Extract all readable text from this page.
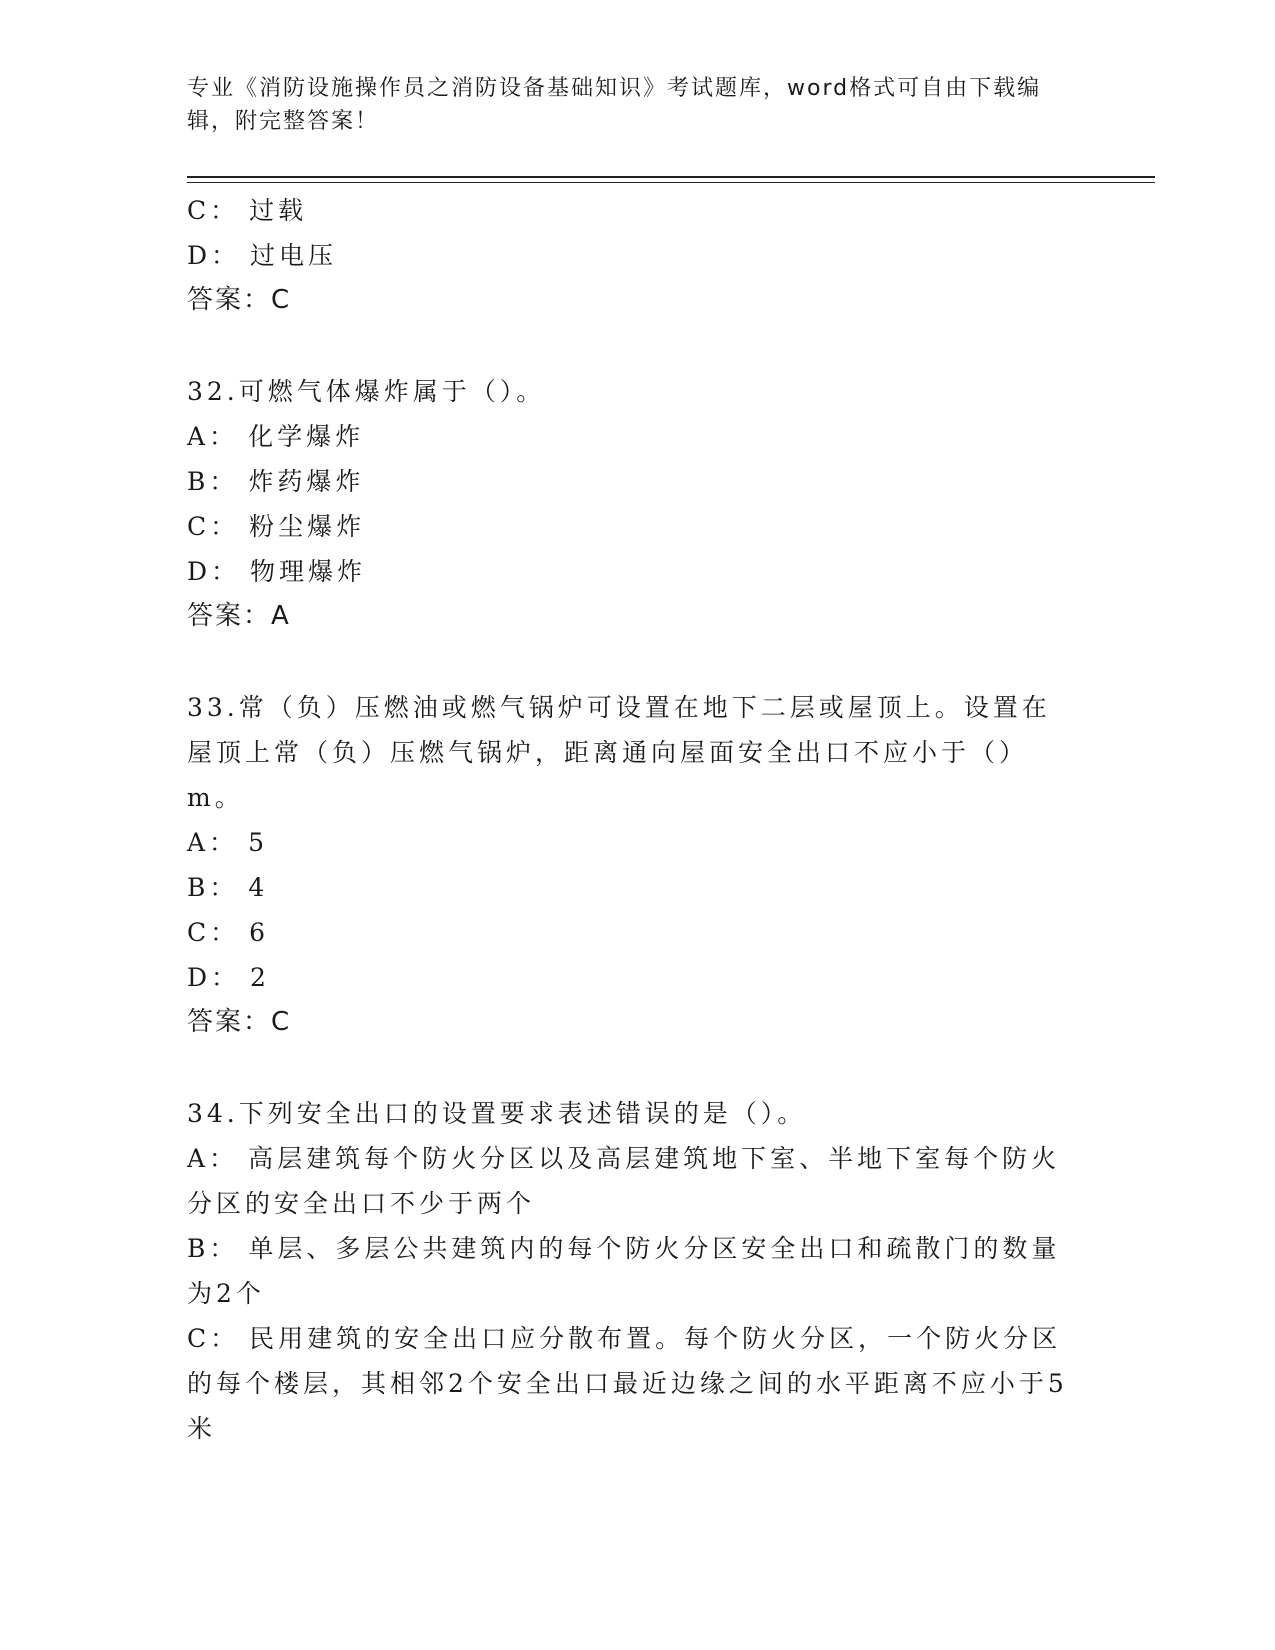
专业《消防设施操作员之消防设备基础知识》考试题库，word格式可自由下载编辑，附完整答案！
C： 过载
D： 过电压
答案：C
32.可燃气体爆炸属于（）。
A： 化学爆炸
B： 炸药爆炸
C： 粉尘爆炸
D： 物理爆炸
答案：A
33.常（负）压燃油或燃气锅炉可设置在地下二层或屋顶上。设置在屋顶上常（负）压燃气锅炉，距离通向屋面安全出口不应小于（）m。
A： 5
B： 4
C： 6
D： 2
答案：C
34.下列安全出口的设置要求表述错误的是（）。
A： 高层建筑每个防火分区以及高层建筑地下室、半地下室每个防火分区的安全出口不少于两个
B： 单层、多层公共建筑内的每个防火分区安全出口和疏散门的数量为2个
C： 民用建筑的安全出口应分散布置。每个防火分区，一个防火分区的每个楼层，其相邻2个安全出口最近边缘之间的水平距离不应小于5米
